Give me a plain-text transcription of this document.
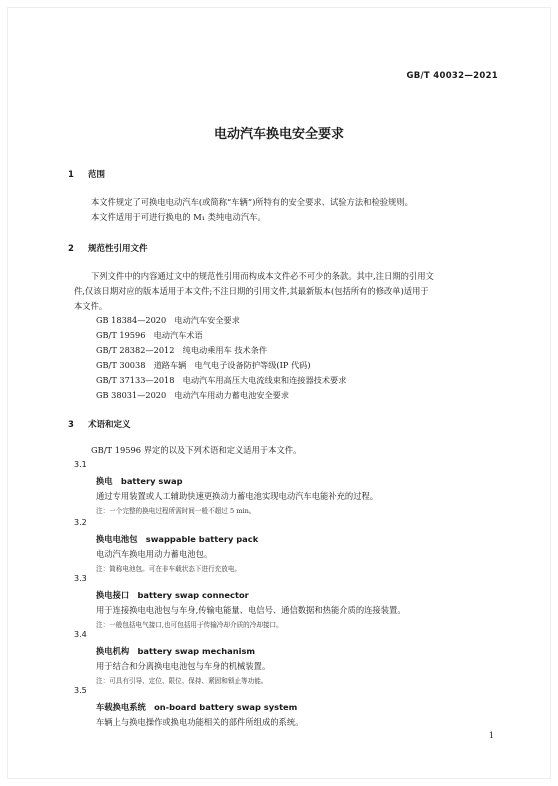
GB/T 40032—2021
电动汽车换电安全要求
1 范围
本文件规定了可换电电动汽车(或简称“车辆”)所特有的安全要求、试验方法和检验规则。
本文件适用于可进行换电的 M₁ 类纯电动汽车。
2 规范性引用文件
下列文件中的内容通过文中的规范性引用而构成本文件必不可少的条款。其中,注日期的引用文
件,仅该日期对应的版本适用于本文件;不注日期的引用文件,其最新版本(包括所有的修改单)适用于
本文件。
GB 18384—2020　电动汽车安全要求
GB/T 19596　电动汽车术语
GB/T 28382—2012　纯电动乘用车 技术条件
GB/T 30038　道路车辆　电气电子设备防护等级(IP 代码)
GB/T 37133—2018　电动汽车用高压大电流线束和连接器技术要求
GB 38031—2020　电动汽车用动力蓄电池安全要求
3 术语和定义
GB/T 19596 界定的以及下列术语和定义适用于本文件。
3.1
换电　battery swap
通过专用装置或人工辅助快速更换动力蓄电池实现电动汽车电能补充的过程。
注：一个完整的换电过程所需时间一般不超过 5 min。
3.2
换电电池包　swappable battery pack
电动汽车换电用动力蓄电池包。
注：简称电池包。可在非车载状态下进行充放电。
3.3
换电接口　battery swap connector
用于连接换电电池包与车身,传输电能量、电信号、通信数据和热能介质的连接装置。
注：一般包括电气接口,也可包括用于传输冷却介质的冷却接口。
3.4
换电机构　battery swap mechanism
用于结合和分离换电电池包与车身的机械装置。
注：可具有引导、定位、限位、保持、紧固和锁止等功能。
3.5
车载换电系统　on-board battery swap system
车辆上与换电操作或换电功能相关的部件所组成的系统。
1
